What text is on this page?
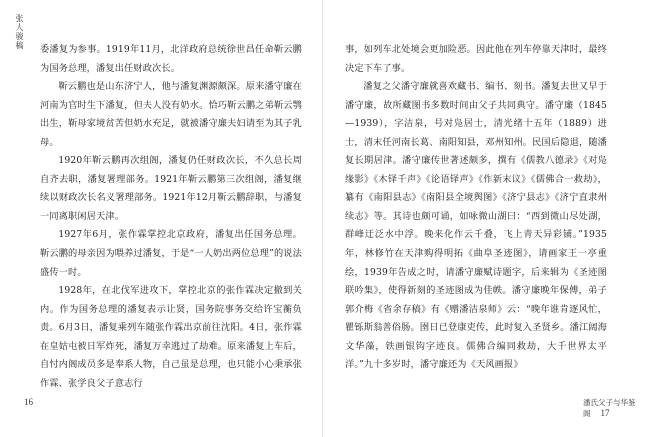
张人骏稿 委潘复为参事。1919年11月，北洋政府总统徐世昌任命靳云鹏为国务总理，潘复出任财政次长。

靳云鹏也是山东济宁人，他与潘复渊源颇深。原来潘守廉在河南为官时生下潘复，但夫人没有奶水。恰巧靳云鹏之弟靳云鹗出生，靳母家境贫苦但奶水充足，就被潘守廉夫妇请至为其子乳母。

1920年靳云鹏再次组阁，潘复仍任财政次长，不久总长周自齐去职，潘复署理部务。1921年靳云鹏第三次组阁，潘复继续以财政次长名义署理部务。1921年12月靳云鹏辞职，与潘复一同离职闲居天津。

1927年6月，张作霖掌控北京政府，潘复出任国务总理。靳云鹏的母亲因为喂养过潘复，于是“一人奶出两位总理”的说法盛传一时。

1928年，在北伐军进攻下，掌控北京的张作霖决定撤到关内。作为国务总理的潘复表示让贤，国务院事务交给许宝蘅负责。6月3日，潘复乘列车随张作霖出京前往沈阳。4日，张作霖在皇姑屯被日军炸死，潘复万幸逃过了劫难。原来潘复上车后，自忖内阁成员多是奉系人物，自己虽是总理，也只能小心秉承张作霖、张学良父子意志行

16

事，如列车北处境会更加险恶。因此他在列车停靠天津时，最终决定下车了事。

潘复之父潘守廉就喜欢藏书、编书、刻书。潘复去世又早于潘守廉，故所藏图书多数时间由父子共同典守。潘守廉（1845—1939），字洁泉，号对凫居士，清光绪十五年（1889）进士，清末任河南长葛、南阳知县，邓州知州。民国后隐退，随潘复长期居津。潘守廉传世著述颇多，撰有《儒教八德录》《对凫缘影》《木铎千声》《论语铎声》《作新末议》《儒佛合一救劫》，纂有《南阳县志》《南阳县全境舆图》《济宁县志》《济宁直隶州续志》等。其诗也颇可诵，如咏微山湖曰：“西到微山尽处湖，群峰迂泛水中浮。晚来化作云千叠，飞上青天异彩铺。”1935年，林修竹在天津购得明拓《曲阜圣迹图》，请画家王一亭重绘，1939年告成之时，请潘守廉赋诗题字，后来辑为《圣迹图联吟集》，使得新刻的圣迹图成为佳帙。潘守廉晚年保傅，弟子郭介梅《省余存稿》有《赠潘洁泉师》云：“晚年谁肯逐风忙，瞿铄斯翁善俗肠。圉日已登康吏传，此时复入圣贤乡。潘江阔海文华藻，铁画银钩字迹良。儒佛合编同救劫，大千世界太平洋。”九十多岁时，潘守廉还为《天风画报》

潘氏父子与华鉴阁 17
